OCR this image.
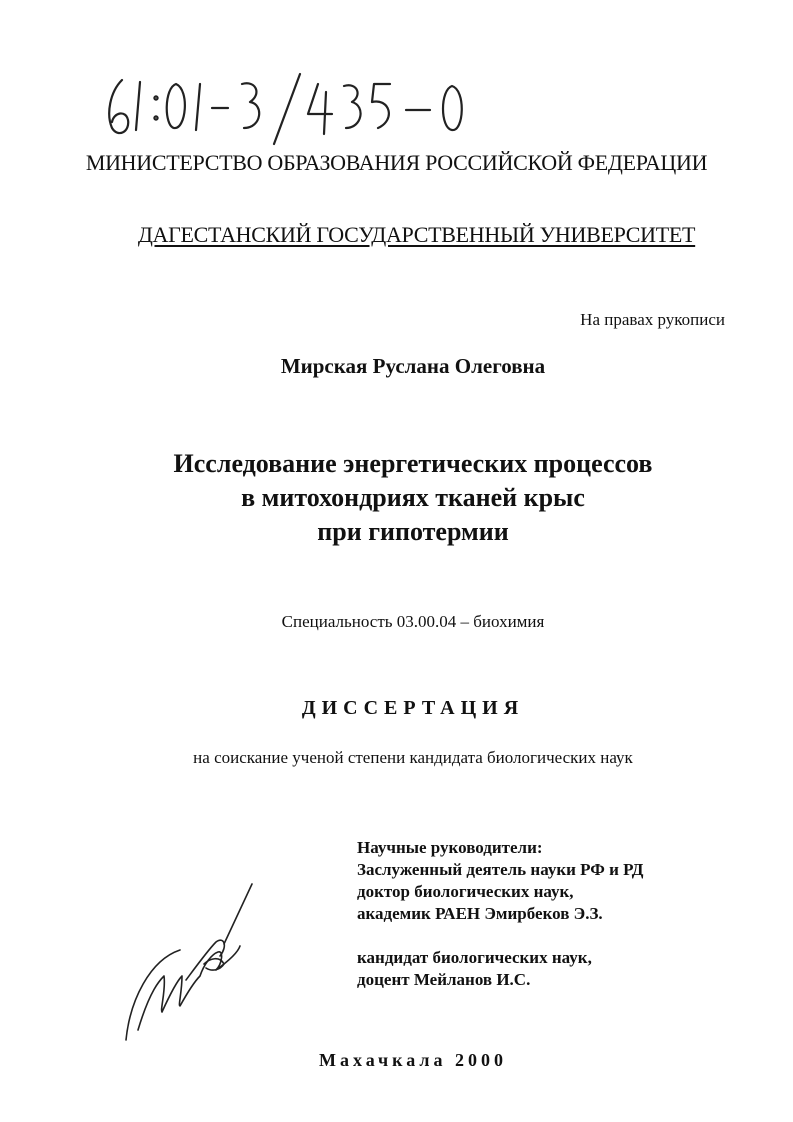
МИНИСТЕРСТВО ОБРАЗОВАНИЯ РОССИЙСКОЙ ФЕДЕРАЦИИ
ДАГЕСТАНСКИЙ ГОСУДАРСТВЕННЫЙ УНИВЕРСИТЕТ
На правах рукописи
Мирская Руслана Олеговна
Исследование энергетических процессов
в митохондриях тканей крыс
при гипотермии
Специальность 03.00.04 – биохимия
ДИССЕРТАЦИЯ
на соискание ученой степени кандидата биологических наук
Научные руководители:
Заслуженный деятель науки РФ и РД
доктор биологических наук,
академик РАЕН Эмирбеков Э.З.
кандидат биологических наук,
доцент Мейланов И.С.
Махачкала 2000
